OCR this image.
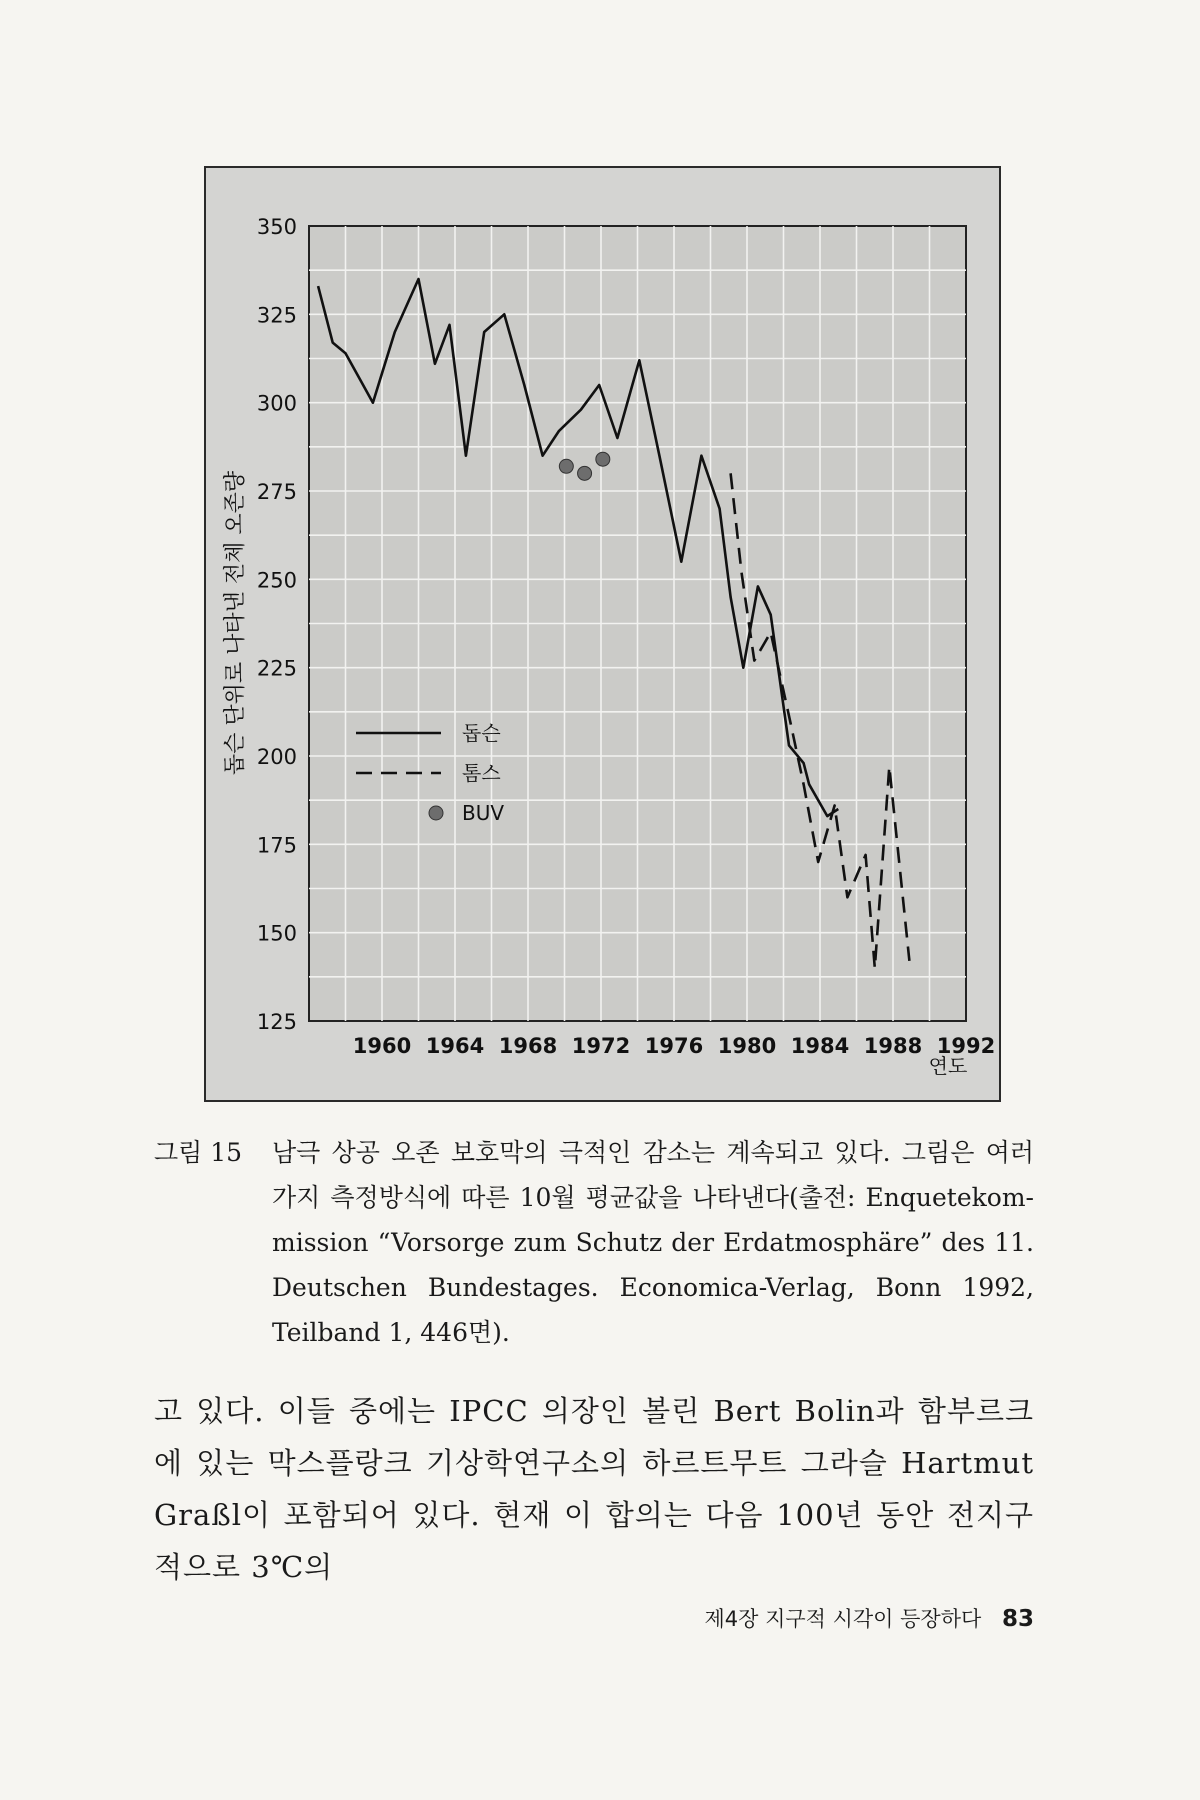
돕슨 단위로 나타낸 전체 오존량
연도
125
150
175
200
225
250
275
300
325
350
1960 1964 1968 1972 1976 1980 1984 1988 1992
돕슨
톰스
BUV
그림 15	남극 상공 오존 보호막의 극적인 감소는 계속되고 있다. 그림은 여러 가지 측정방식에 따른 10월 평균값을 나타낸다(출전: Enquetekom-mission “Vorsorge zum Schutz der Erdatmosphäre” des 11. Deutschen Bundestages. Economica-Verlag, Bonn 1992, Teilband 1, 446면).
고 있다. 이들 중에는 IPCC 의장인 볼린 Bert Bolin과 함부르크에 있는 막스플랑크 기상학연구소의 하르트무트 그라슬 Hartmut Graßl이 포함되어 있다. 현재 이 합의는 다음 100년 동안 전지구적으로 3℃의
제4장 지구적 시각이 등장하다 83
